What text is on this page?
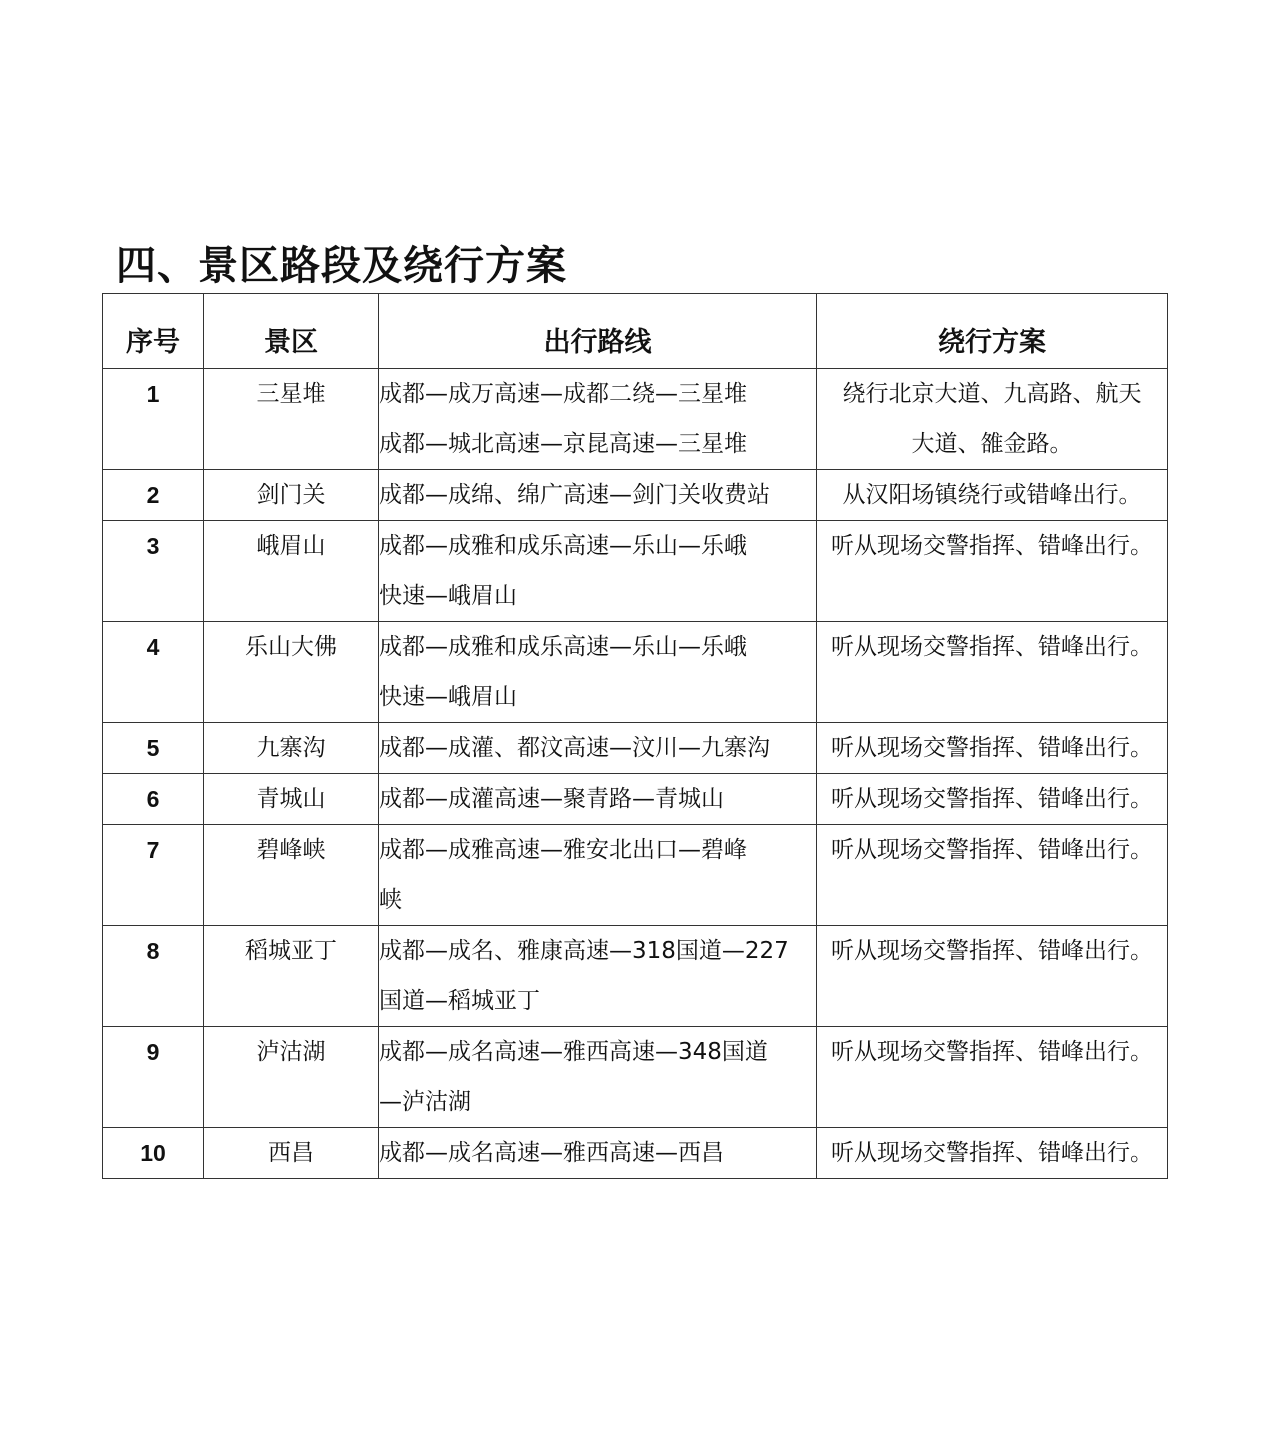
四、景区路段及绕行方案
序号	景区	出行路线	绕行方案
1	三星堆	成都—成万高速—成都二绕—三星堆
成都—城北高速—京昆高速—三星堆	绕行北京大道、九高路、航天
大道、雒金路。

2	剑门关	成都—成绵、绵广高速—剑门关收费站	从汉阳场镇绕行或错峰出行。

3	峨眉山	成都—成雅和成乐高速—乐山—乐峨
快速—峨眉山	听从现场交警指挥、错峰出行。

4	乐山大佛	成都—成雅和成乐高速—乐山—乐峨
快速—峨眉山	听从现场交警指挥、错峰出行。

5	九寨沟	成都—成灌、都汶高速—汶川—九寨沟	听从现场交警指挥、错峰出行。

6	青城山	成都—成灌高速—聚青路—青城山	听从现场交警指挥、错峰出行。

7	碧峰峡	成都—成雅高速—雅安北出口—碧峰
峡	听从现场交警指挥、错峰出行。

8	稻城亚丁	成都—成名、雅康高速—318国道—227
国道—稻城亚丁	听从现场交警指挥、错峰出行。

9	泸沽湖	成都—成名高速—雅西高速—348国道
—泸沽湖	听从现场交警指挥、错峰出行。

10	西昌	成都—成名高速—雅西高速—西昌	听从现场交警指挥、错峰出行。
